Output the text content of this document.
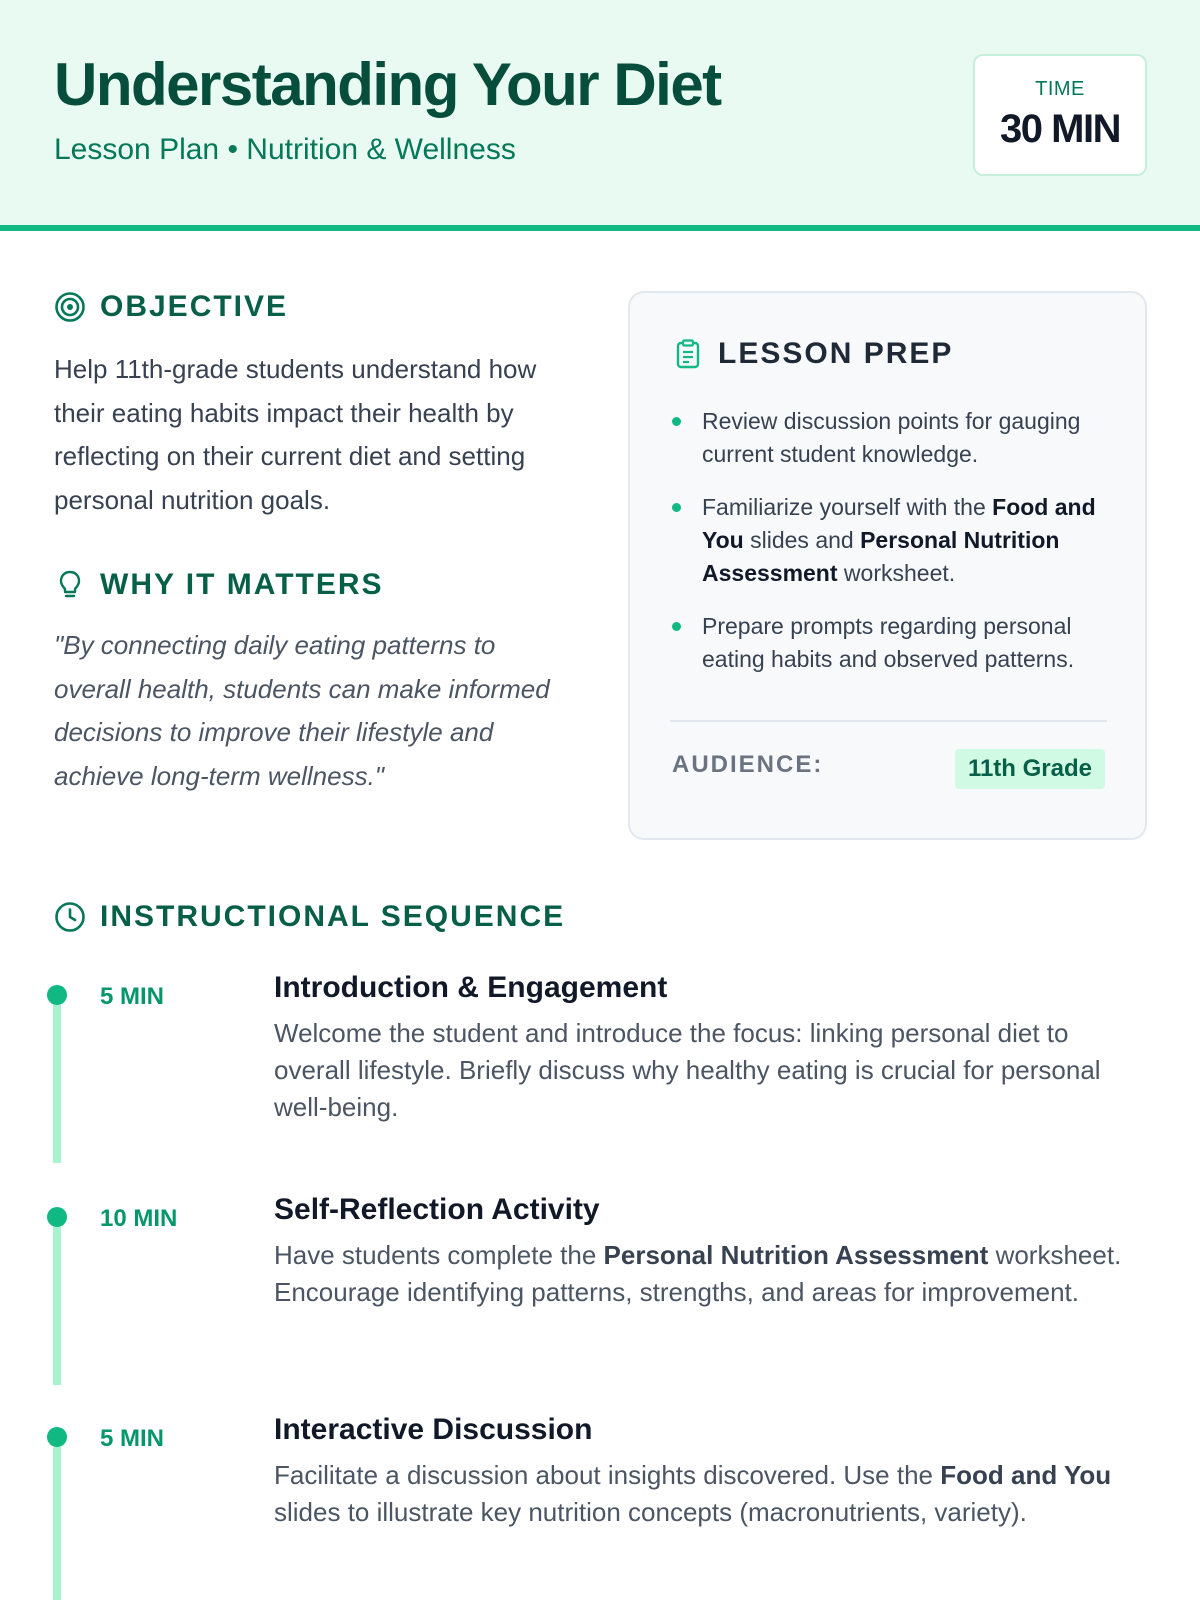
Understanding Your Diet
Lesson Plan • Nutrition & Wellness
TIME
30 MIN
OBJECTIVE
Help 11th-grade students understand how their eating habits impact their health by reflecting on their current diet and setting personal nutrition goals.
WHY IT MATTERS
"By connecting daily eating patterns to overall health, students can make informed decisions to improve their lifestyle and achieve long-term wellness."
LESSON PREP
Review discussion points for gauging current student knowledge.
Familiarize yourself with the Food and You slides and Personal Nutrition Assessment worksheet.
Prepare prompts regarding personal eating habits and observed patterns.
AUDIENCE:	11th Grade
INSTRUCTIONAL SEQUENCE
5 MIN	Introduction & Engagement
Welcome the student and introduce the focus: linking personal diet to overall lifestyle. Briefly discuss why healthy eating is crucial for personal well-being.
10 MIN	Self-Reflection Activity
Have students complete the Personal Nutrition Assessment worksheet. Encourage identifying patterns, strengths, and areas for improvement.
5 MIN	Interactive Discussion
Facilitate a discussion about insights discovered. Use the Food and You slides to illustrate key nutrition concepts (macronutrients, variety).
